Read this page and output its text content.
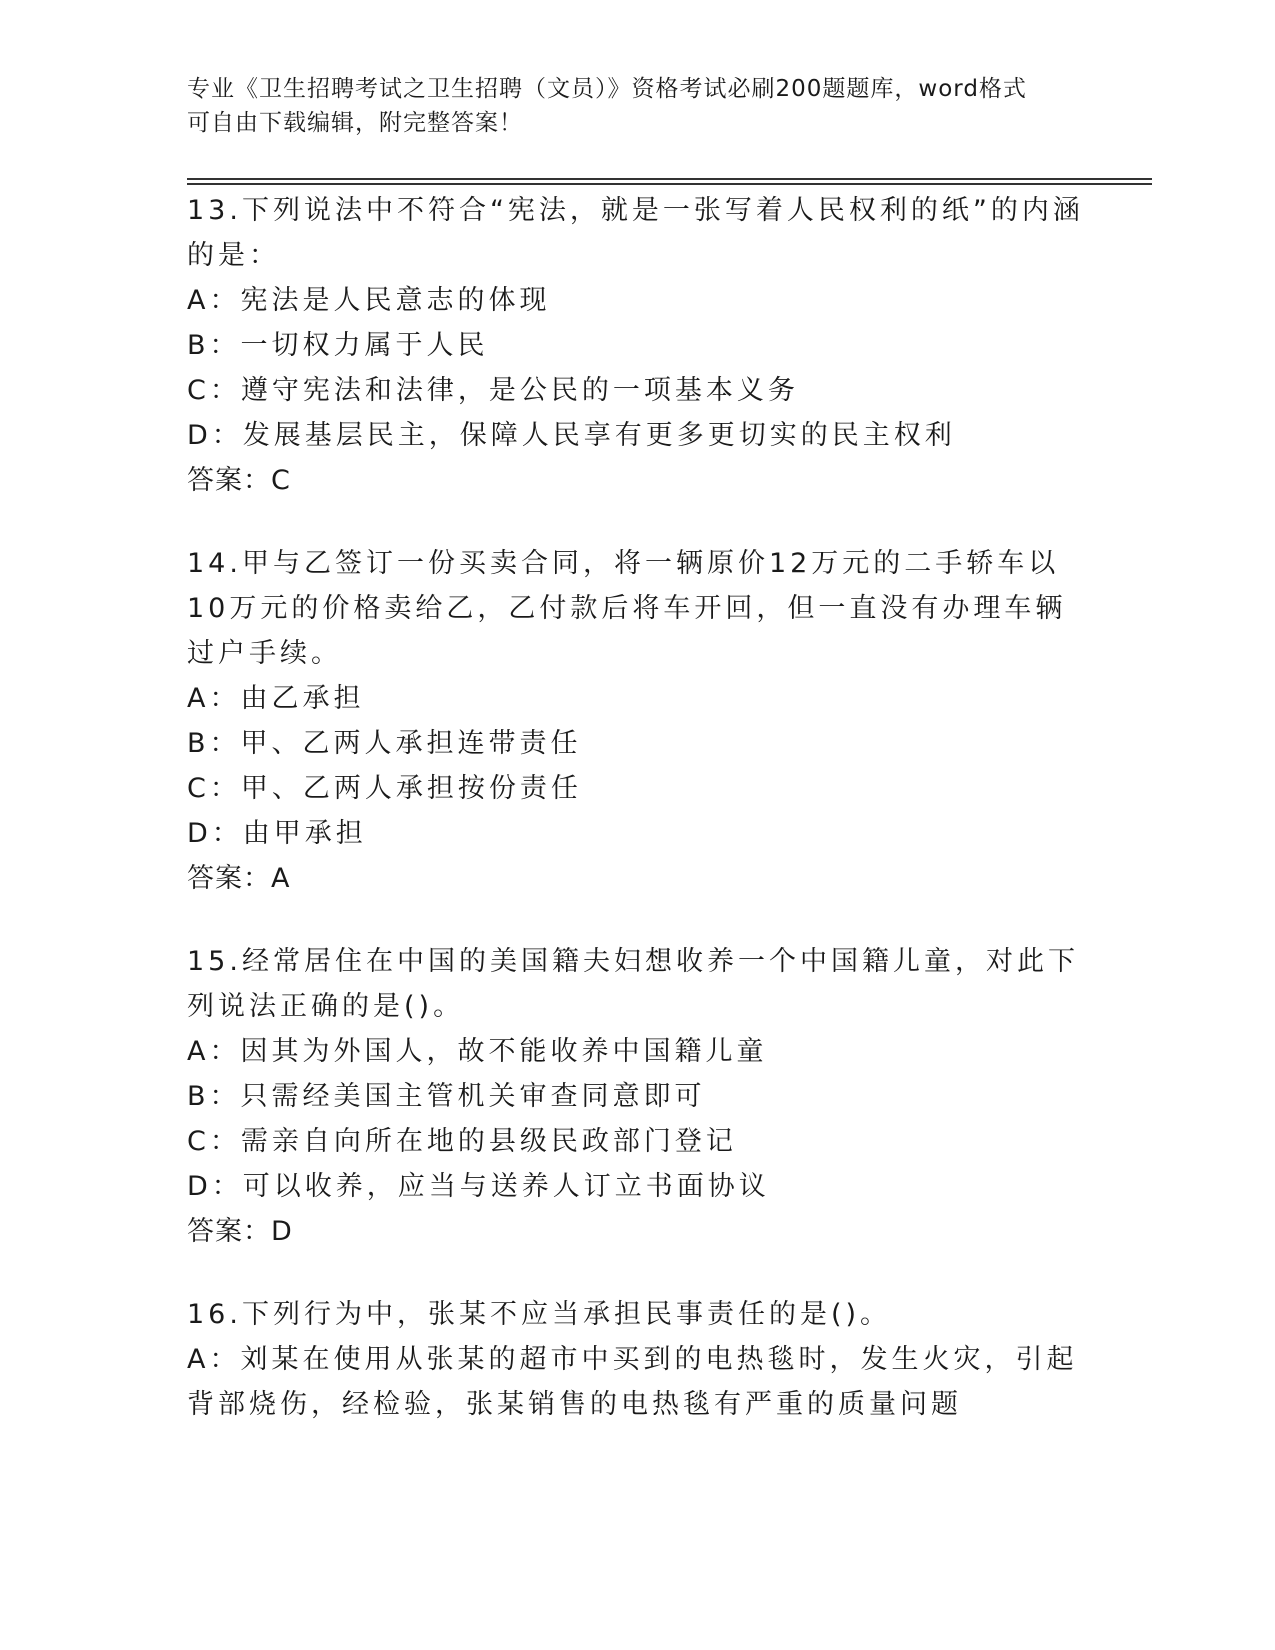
专业《卫生招聘考试之卫生招聘（文员）》资格考试必刷200题题库，word格式
可自由下载编辑，附完整答案！

13.下列说法中不符合“宪法，就是一张写着人民权利的纸”的内涵的是：

A：宪法是人民意志的体现

B：一切权力属于人民

C：遵守宪法和法律，是公民的一项基本义务

D：发展基层民主，保障人民享有更多更切实的民主权利

答案：C

14.甲与乙签订一份买卖合同，将一辆原价12万元的二手轿车以10万元的价格卖给乙，乙付款后将车开回，但一直没有办理车辆过户手续。

A：由乙承担

B：甲、乙两人承担连带责任

C：甲、乙两人承担按份责任

D：由甲承担

答案：A

15.经常居住在中国的美国籍夫妇想收养一个中国籍儿童，对此下列说法正确的是()。

A：因其为外国人，故不能收养中国籍儿童

B：只需经美国主管机关审查同意即可

C：需亲自向所在地的县级民政部门登记

D：可以收养，应当与送养人订立书面协议

答案：D

16.下列行为中，张某不应当承担民事责任的是()。

A：刘某在使用从张某的超市中买到的电热毯时，发生火灾，引起背部烧伤，经检验，张某销售的电热毯有严重的质量问题
